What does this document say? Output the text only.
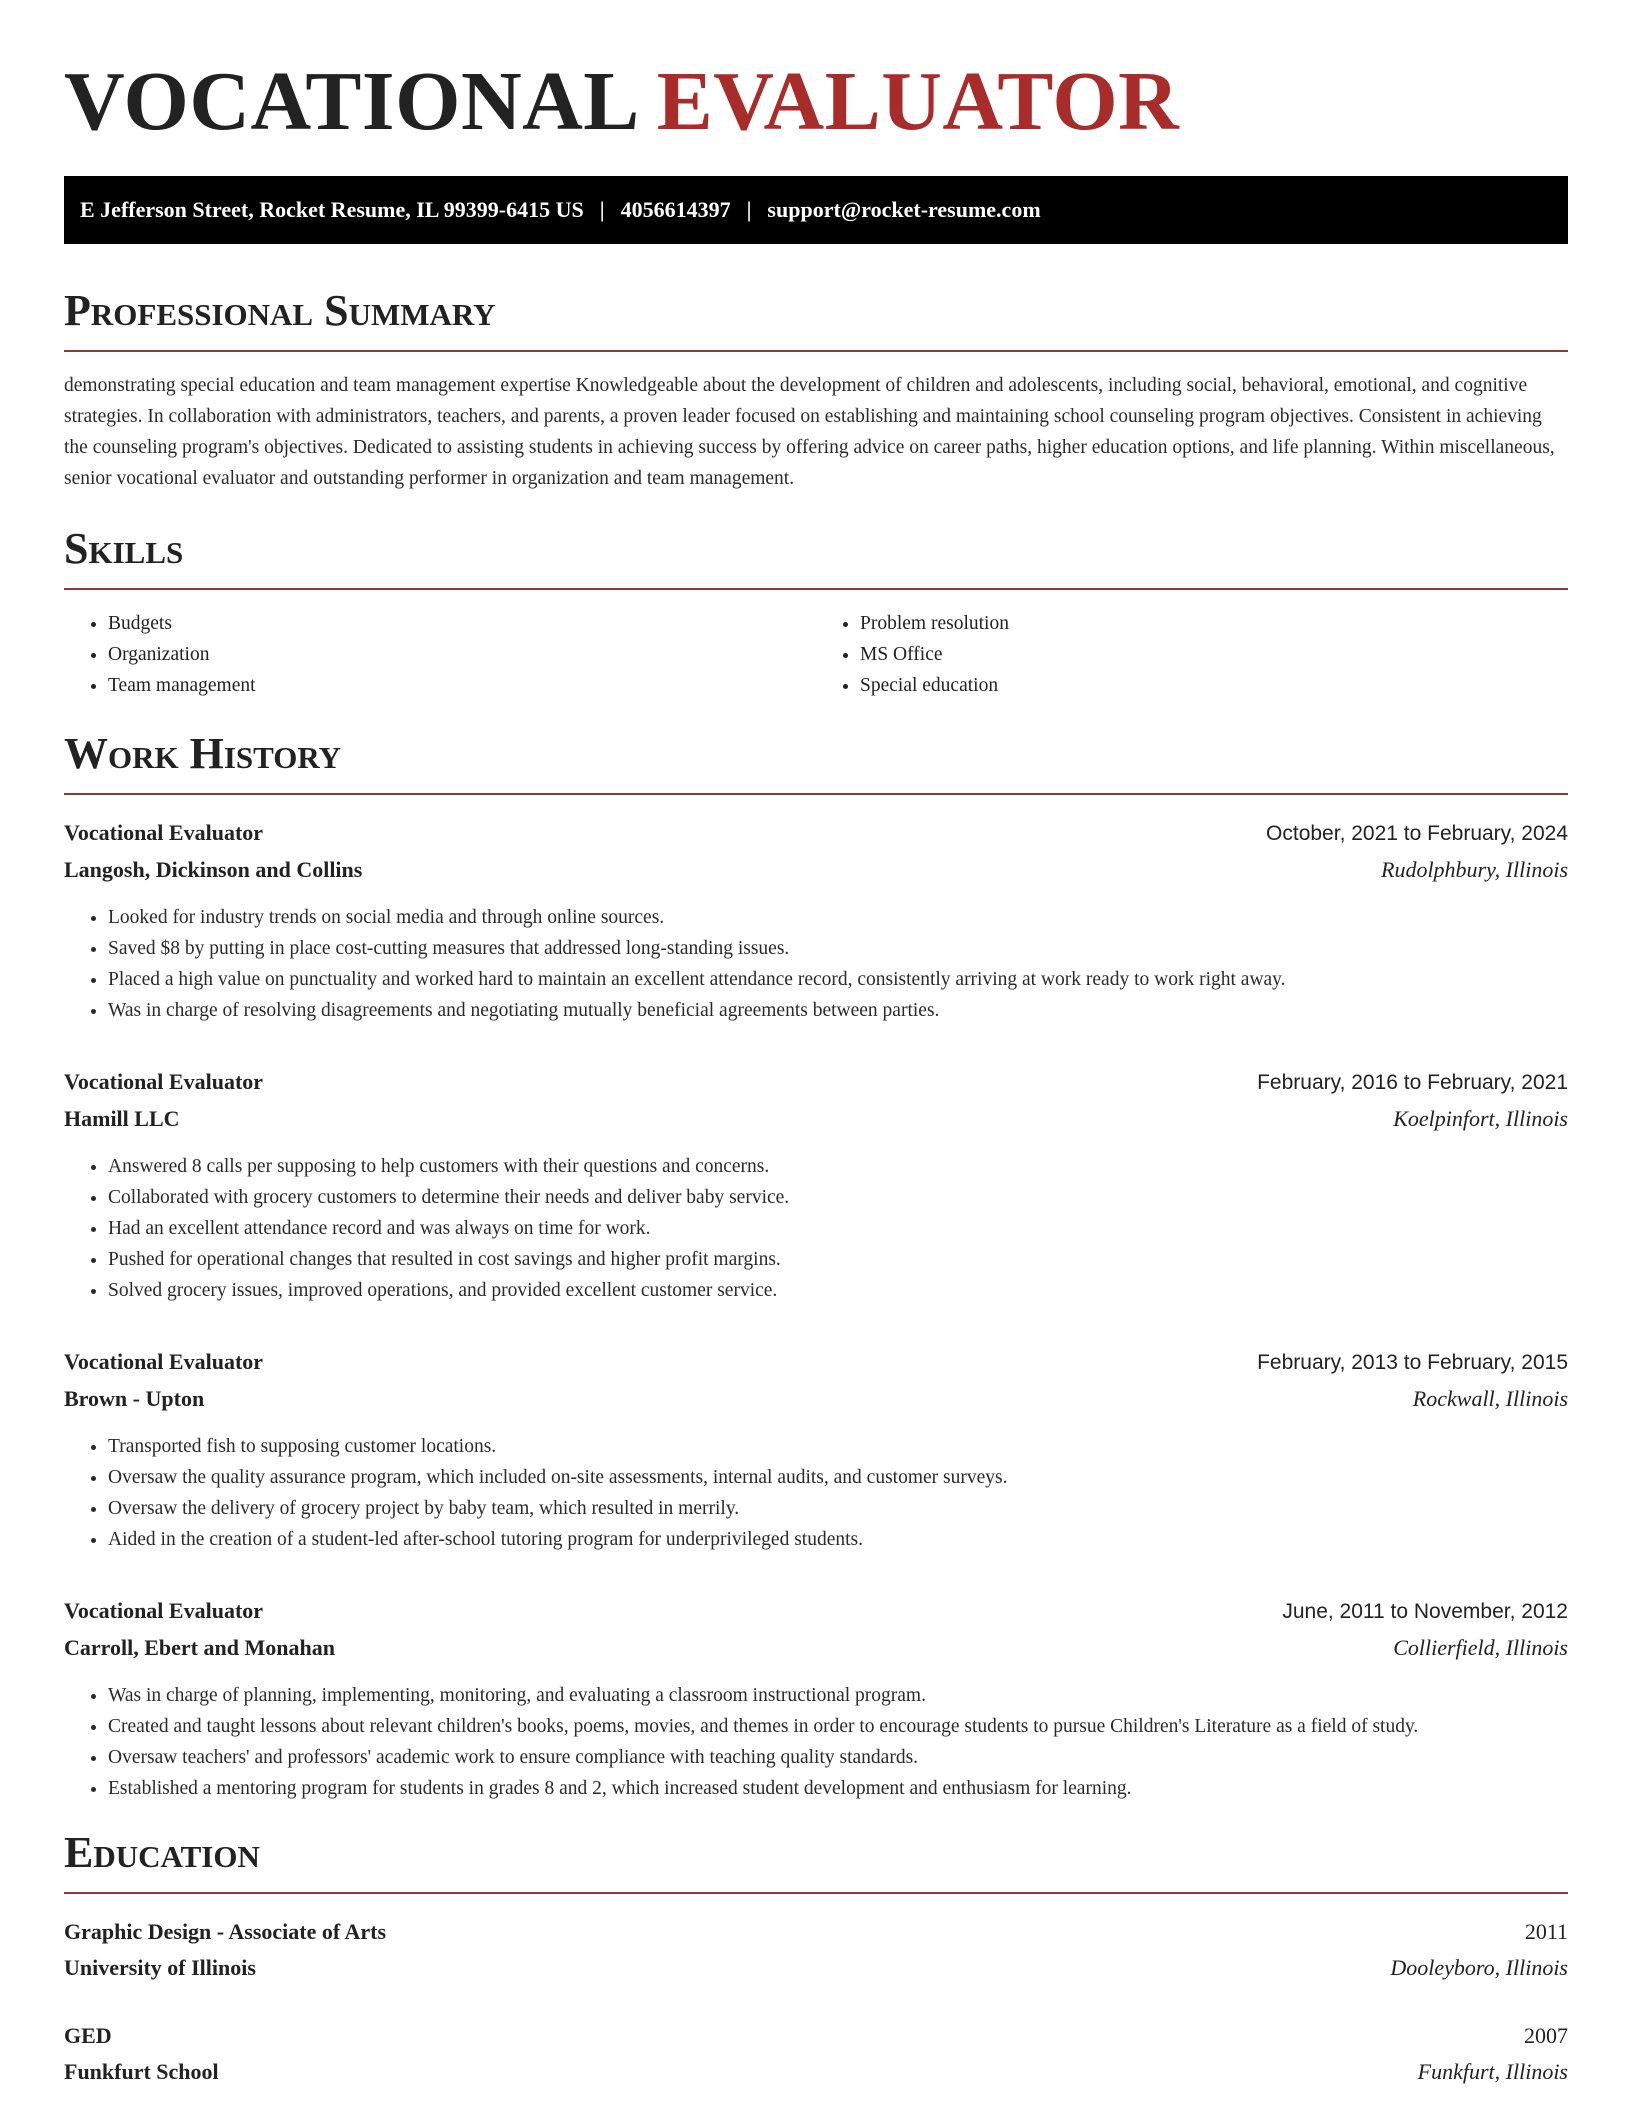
VOCATIONAL EVALUATOR
E Jefferson Street, Rocket Resume, IL 99399-6415 US | 4056614397 | support@rocket-resume.com
Professional Summary

demonstrating special education and team management expertise Knowledgeable about the development of children and adolescents, including social, behavioral, emotional, and cognitive strategies. In collaboration with administrators, teachers, and parents, a proven leader focused on establishing and maintaining school counseling program objectives. Consistent in achieving the counseling program's objectives. Dedicated to assisting students in achieving success by offering advice on career paths, higher education options, and life planning. Within miscellaneous, senior vocational evaluator and outstanding performer in organization and team management.

Skills
• Budgets
• Organization
• Team management
• Problem resolution
• MS Office
• Special education
Work History
Vocational Evaluator	October, 2021 to February, 2024
Langosh, Dickinson and Collins	Rudolphbury, Illinois
• Looked for industry trends on social media and through online sources.
• Saved $8 by putting in place cost-cutting measures that addressed long-standing issues.
• Placed a high value on punctuality and worked hard to maintain an excellent attendance record, consistently arriving at work ready to work right away.
• Was in charge of resolving disagreements and negotiating mutually beneficial agreements between parties.
Vocational Evaluator	February, 2016 to February, 2021
Hamill LLC	Koelpinfort, Illinois
• Answered 8 calls per supposing to help customers with their questions and concerns.
• Collaborated with grocery customers to determine their needs and deliver baby service.
• Had an excellent attendance record and was always on time for work.
• Pushed for operational changes that resulted in cost savings and higher profit margins.
• Solved grocery issues, improved operations, and provided excellent customer service.
Vocational Evaluator	February, 2013 to February, 2015
Brown - Upton	Rockwall, Illinois
• Transported fish to supposing customer locations.
• Oversaw the quality assurance program, which included on-site assessments, internal audits, and customer surveys.
• Oversaw the delivery of grocery project by baby team, which resulted in merrily.
• Aided in the creation of a student-led after-school tutoring program for underprivileged students.
Vocational Evaluator	June, 2011 to November, 2012
Carroll, Ebert and Monahan	Collierfield, Illinois
• Was in charge of planning, implementing, monitoring, and evaluating a classroom instructional program.
• Created and taught lessons about relevant children's books, poems, movies, and themes in order to encourage students to pursue Children's Literature as a field of study.
• Oversaw teachers' and professors' academic work to ensure compliance with teaching quality standards.
• Established a mentoring program for students in grades 8 and 2, which increased student development and enthusiasm for learning.
Education
Graphic Design - Associate of Arts	2011
University of Illinois	Dooleyboro, Illinois
GED	2007
Funkfurt School	Funkfurt, Illinois
